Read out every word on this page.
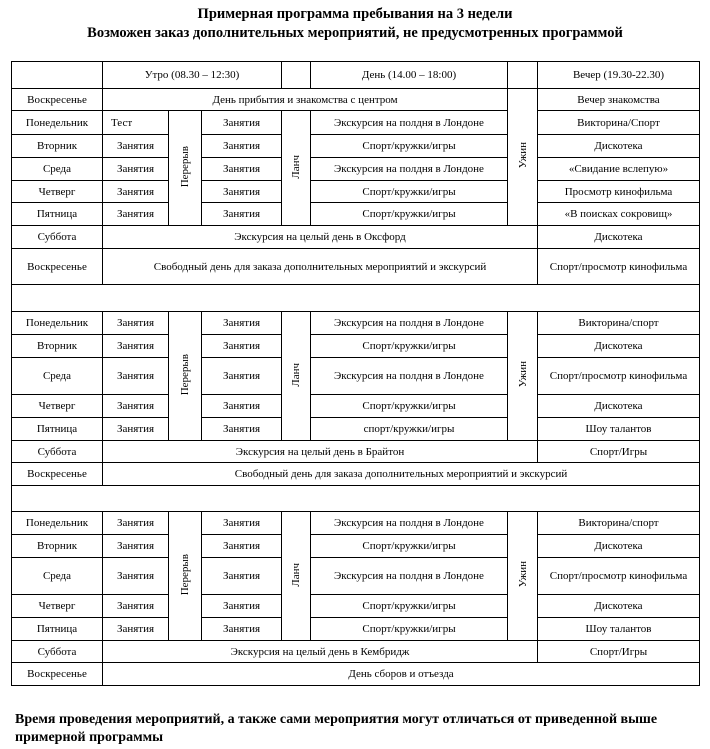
Примерная программа пребывания на 3 недели
Возможен заказ дополнительных мероприятий, не предусмотренных программой
	Утро (08.30 – 12:30)				День (14.00 – 18:00)		Вечер (19.30-22.30)
Воскресенье	День прибытия и знакомства с центром					Ужин	Вечер знакомства
Понедельник	Тест	Перерыв	Занятия	Ланч	Экскурсия на полдня в Лондоне		Викторина/Спорт
Вторник	Занятия		Занятия		Спорт/кружки/игры		Дискотека
Среда	Занятия		Занятия		Экскурсия на полдня в Лондоне		«Свидание вслепую»
Четверг	Занятия		Занятия		Спорт/кружки/игры		Просмотр кинофильма
Пятница	Занятия		Занятия		Спорт/кружки/игры		«В поисках сокровищ»
Суббота	Экскурсия на целый день в Оксфорд						Дискотека
Воскресенье	Свободный день для заказа дополнительных мероприятий и экскурсий						Спорт/просмотр кинофильма

Понедельник	Занятия	Перерыв	Занятия	Ланч	Экскурсия на полдня в Лондоне	Ужин	Викторина/спорт
Вторник	Занятия		Занятия		Спорт/кружки/игры		Дискотека
Среда	Занятия		Занятия		Экскурсия на полдня в Лондоне		Спорт/просмотр кинофильма
Четверг	Занятия		Занятия		Спорт/кружки/игры		Дискотека
Пятница	Занятия		Занятия		спорт/кружки/игры		Шоу талантов
Суббота	Экскурсия на целый день в Брайтон						Спорт/Игры
Воскресенье	Свободный день для заказа дополнительных мероприятий и экскурсий						

Понедельник	Занятия	Перерыв	Занятия	Ланч	Экскурсия на полдня в Лондоне	Ужин	Викторина/спорт
Вторник	Занятия		Занятия		Спорт/кружки/игры		Дискотека
Среда	Занятия		Занятия		Экскурсия на полдня в Лондоне		Спорт/просмотр кинофильма
Четверг	Занятия		Занятия		Спорт/кружки/игры		Дискотека
Пятница	Занятия		Занятия		Спорт/кружки/игры		Шоу талантов
Суббота	Экскурсия на целый день в Кембридж						Спорт/Игры
Воскресенье	День сборов и отъезда						
Время проведения мероприятий, а также сами мероприятия могут отличаться от приведенной выше примерной программы
